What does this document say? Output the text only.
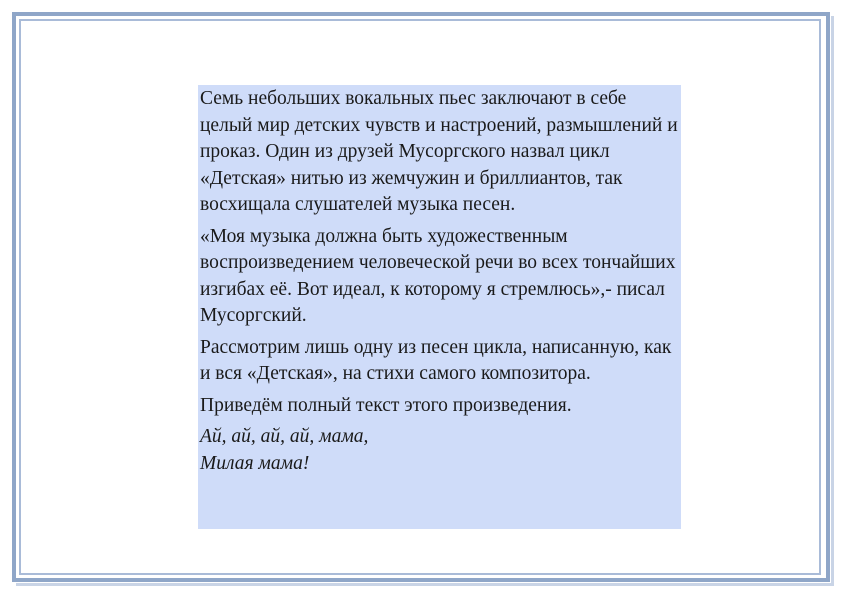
Семь небольших вокальных пьес заключают в себе целый мир детских чувств и настроений, размышлений и проказ. Один из друзей Мусоргского назвал цикл «Детская» нитью из жемчужин и бриллиантов, так восхищала слушателей музыка песен.

«Моя музыка должна быть художественным воспроизведением человеческой речи во всех тончайших изгибах её. Вот идеал, к которому я стремлюсь»,- писал Мусоргский.

Рассмотрим лишь одну из песен цикла, написанную, как и вся «Детская», на стихи самого композитора.

Приведём полный текст этого произведения.

Ай, ай, ай, ай, мама,

Милая мама!
